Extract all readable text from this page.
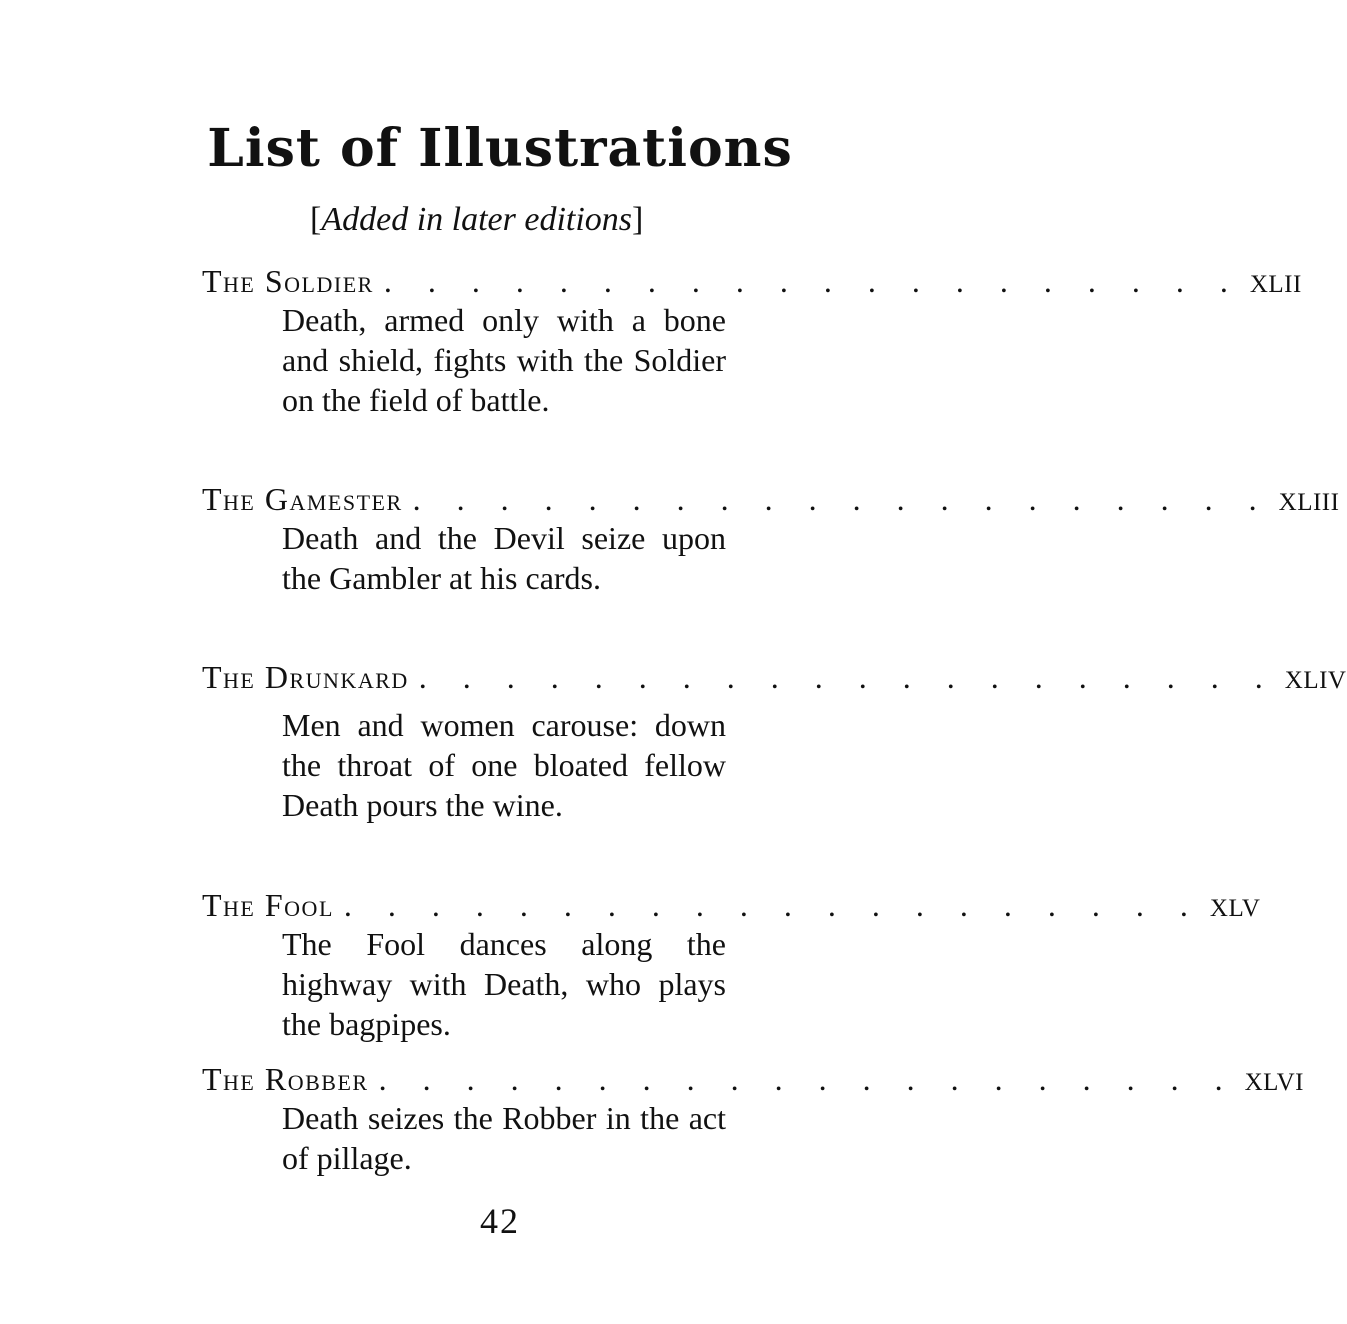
List of Illustrations
[Added in later editions]
The Soldier . . . . . . . . . . . . . . . . . . . . XLII
Death, armed only with a bone and shield, fights with the Soldier on the field of battle.
The Gamester . . . . . . . . . . . . . . . . . . . . XLIII
Death and the Devil seize upon the Gambler at his cards.
The Drunkard . . . . . . . . . . . . . . . . . . . . XLIV
Men and women carouse: down the throat of one bloated fellow Death pours the wine.
The Fool . . . . . . . . . . . . . . . . . . . . XLV
The Fool dances along the highway with Death, who plays the bagpipes.
The Robber . . . . . . . . . . . . . . . . . . . . XLVI
Death seizes the Robber in the act of pillage.
42
